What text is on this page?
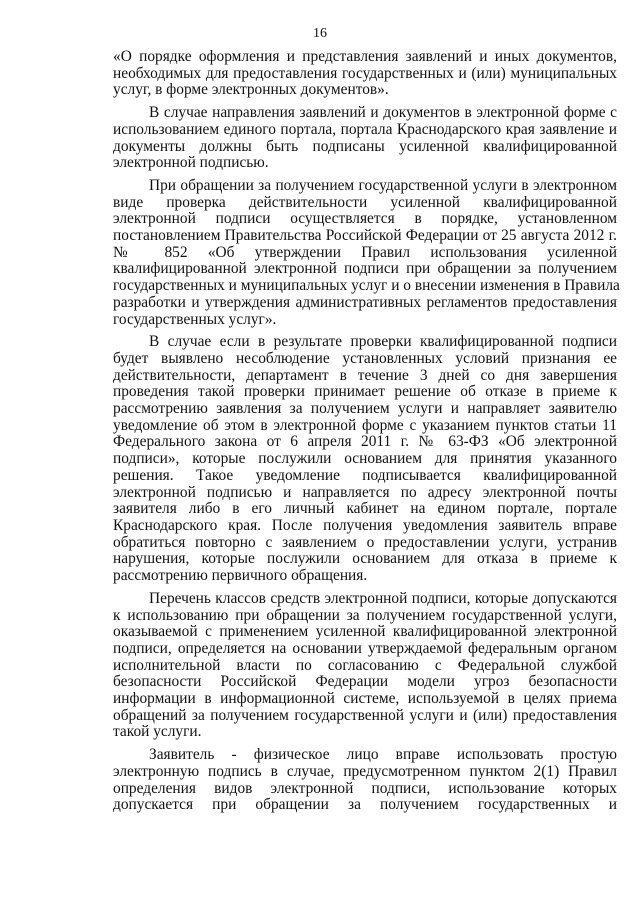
16

«О порядке оформления и представления заявлений и иных документов,
необходимых для предоставления государственных и (или) муниципальных
услуг, в форме электронных документов».

В случае направления заявлений и документов в электронной форме с
использованием единого портала, портала Краснодарского края заявление и
документы должны быть подписаны усиленной квалифицированной
электронной подписью.

При обращении за получением государственной услуги в электронном
виде проверка действительности усиленной квалифицированной
электронной подписи осуществляется в порядке, установленном
постановлением Правительства Российской Федерации от 25 августа 2012 г.
№ 852 «Об утверждении Правил использования усиленной
квалифицированной электронной подписи при обращении за получением
государственных и муниципальных услуг и о внесении изменения в Правила
разработки и утверждения административных регламентов предоставления
государственных услуг».

В случае если в результате проверки квалифицированной подписи
будет выявлено несоблюдение установленных условий признания ее
действительности, департамент в течение 3 дней со дня завершения
проведения такой проверки принимает решение об отказе в приеме к
рассмотрению заявления за получением услуги и направляет заявителю
уведомление об этом в электронной форме с указанием пунктов статьи 11
Федерального закона от 6 апреля 2011 г. № 63-ФЗ «Об электронной
подписи», которые послужили основанием для принятия указанного
решения. Такое уведомление подписывается квалифицированной
электронной подписью и направляется по адресу электронной почты
заявителя либо в его личный кабинет на едином портале, портале
Краснодарского края. После получения уведомления заявитель вправе
обратиться повторно с заявлением о предоставлении услуги, устранив
нарушения, которые послужили основанием для отказа в приеме к
рассмотрению первичного обращения.

Перечень классов средств электронной подписи, которые допускаются
к использованию при обращении за получением государственной услуги,
оказываемой с применением усиленной квалифицированной электронной
подписи, определяется на основании утверждаемой федеральным органом
исполнительной власти по согласованию с Федеральной службой
безопасности Российской Федерации модели угроз безопасности
информации в информационной системе, используемой в целях приема
обращений за получением государственной услуги и (или) предоставления
такой услуги.

Заявитель - физическое лицо вправе использовать простую
электронную подпись в случае, предусмотренном пунктом 2(1) Правил
определения видов электронной подписи, использование которых
допускается при обращении за получением государственных и
